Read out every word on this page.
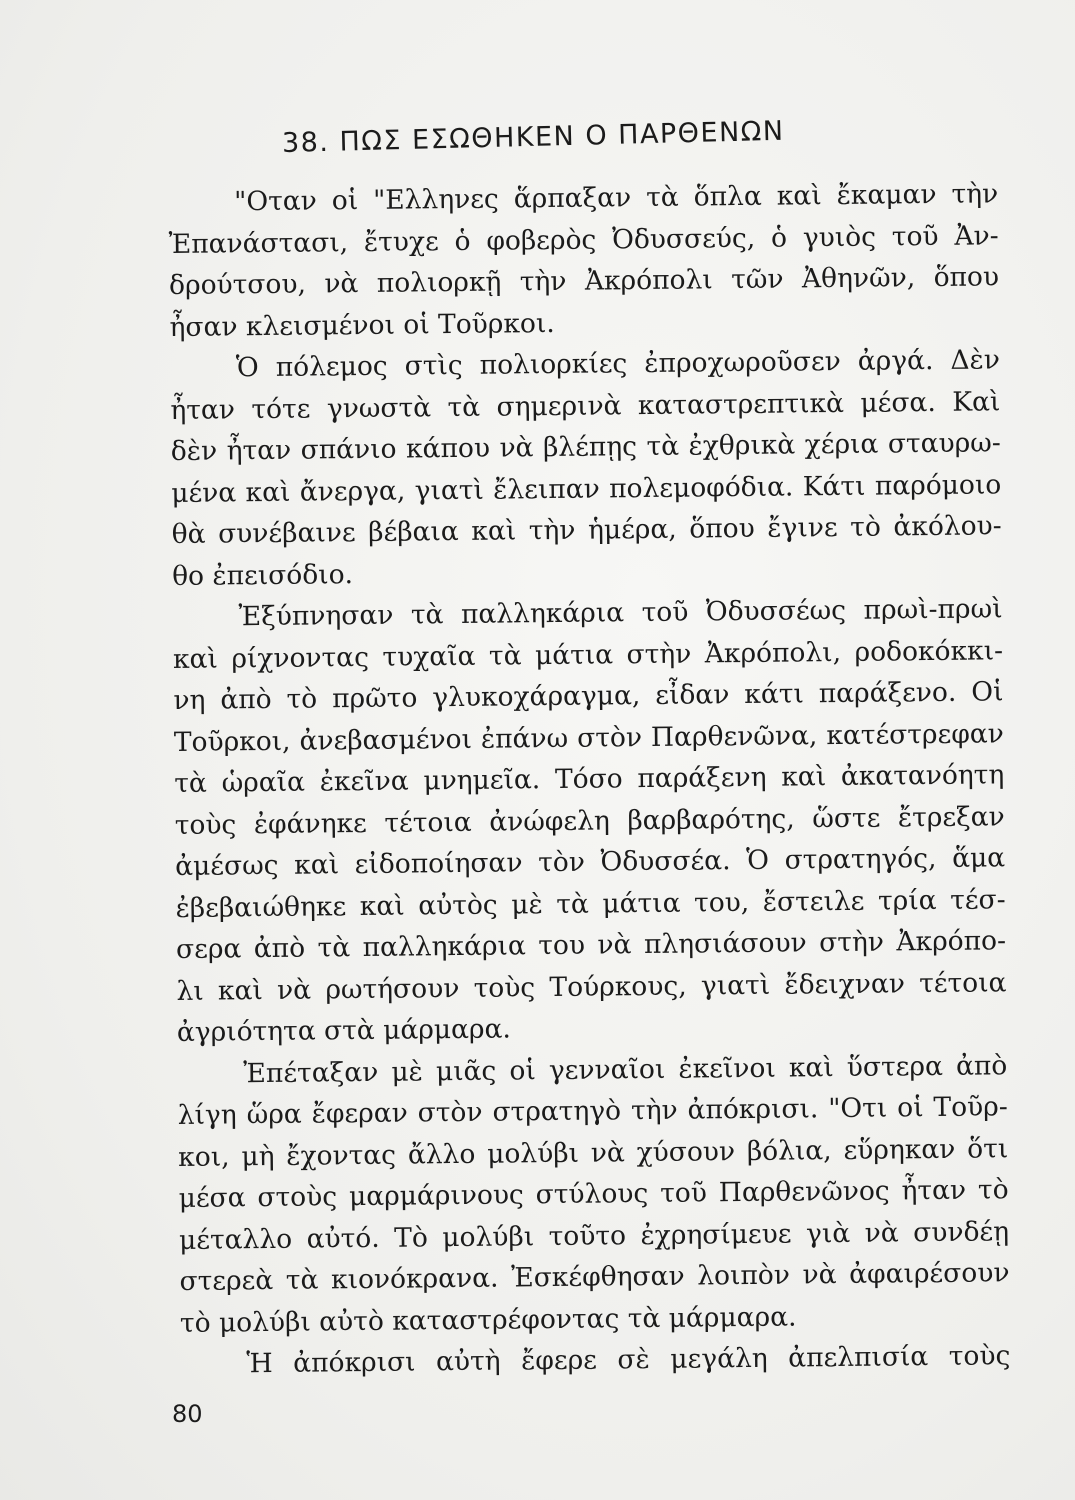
38. ΠΩΣ ΕΣΩΘΗΚΕΝ Ο ΠΑΡΘΕΝΩΝ
"Οταν οἱ "Ελληνες ἅρπαξαν τὰ ὅπλα καὶ ἔκαμαν τὴν
Ἐπανάστασι, ἔτυχε ὁ φοβερὸς Ὀδυσσεύς, ὁ γυιὸς τοῦ Ἀν-
δρούτσου, νὰ πολιορκῇ τὴν Ἀκρόπολι τῶν Ἀθηνῶν, ὅπου
ἦσαν κλεισμένοι οἱ Τοῦρκοι.
Ὁ πόλεμος στὶς πολιορκίες ἐπροχωροῦσεν ἀργά. Δὲν
ἦταν τότε γνωστὰ τὰ σημερινὰ καταστρεπτικὰ μέσα. Καὶ
δὲν ἦταν σπάνιο κάπου νὰ βλέπῃς τὰ ἐχθρικὰ χέρια σταυρω-
μένα καὶ ἄνεργα, γιατὶ ἔλειπαν πολεμοφόδια. Κάτι παρόμοιο
θὰ συνέβαινε βέβαια καὶ τὴν ἡμέρα, ὅπου ἔγινε τὸ ἀκόλου-
θο ἐπεισόδιο.
Ἐξύπνησαν τὰ παλληκάρια τοῦ Ὀδυσσέως πρωὶ-πρωὶ
καὶ ρίχνοντας τυχαῖα τὰ μάτια στὴν Ἀκρόπολι, ροδοκόκκι-
νη ἀπὸ τὸ πρῶτο γλυκοχάραγμα, εἶδαν κάτι παράξενο. Οἱ
Τοῦρκοι, ἀνεβασμένοι ἐπάνω στὸν Παρθενῶνα, κατέστρεφαν
τὰ ὡραῖα ἐκεῖνα μνημεῖα. Τόσο παράξενη καὶ ἀκατανόητη
τοὺς ἐφάνηκε τέτοια ἀνώφελη βαρβαρότης, ὥστε ἔτρεξαν
ἀμέσως καὶ εἰδοποίησαν τὸν Ὀδυσσέα. Ὁ στρατηγός, ἅμα
ἐβεβαιώθηκε καὶ αὐτὸς μὲ τὰ μάτια του, ἔστειλε τρία τέσ-
σερα ἀπὸ τὰ παλληκάρια του νὰ πλησιάσουν στὴν Ἀκρόπο-
λι καὶ νὰ ρωτήσουν τοὺς Τούρκους, γιατὶ ἔδειχναν τέτοια
ἀγριότητα στὰ μάρμαρα.
Ἐπέταξαν μὲ μιᾶς οἱ γενναῖοι ἐκεῖνοι καὶ ὕστερα ἀπὸ
λίγη ὥρα ἔφεραν στὸν στρατηγὸ τὴν ἀπόκρισι. "Οτι οἱ Τοῦρ-
κοι, μὴ ἔχοντας ἄλλο μολύβι νὰ χύσουν βόλια, εὕρηκαν ὅτι
μέσα στοὺς μαρμάρινους στύλους τοῦ Παρθενῶνος ἦταν τὸ
μέταλλο αὐτό. Τὸ μολύβι τοῦτο ἐχρησίμευε γιὰ νὰ συνδέῃ
στερεὰ τὰ κιονόκρανα. Ἐσκέφθησαν λοιπὸν νὰ ἀφαιρέσουν
τὸ μολύβι αὐτὸ καταστρέφοντας τὰ μάρμαρα.
Ἡ ἀπόκρισι αὐτὴ ἔφερε σὲ μεγάλη ἀπελπισία τοὺς
80
